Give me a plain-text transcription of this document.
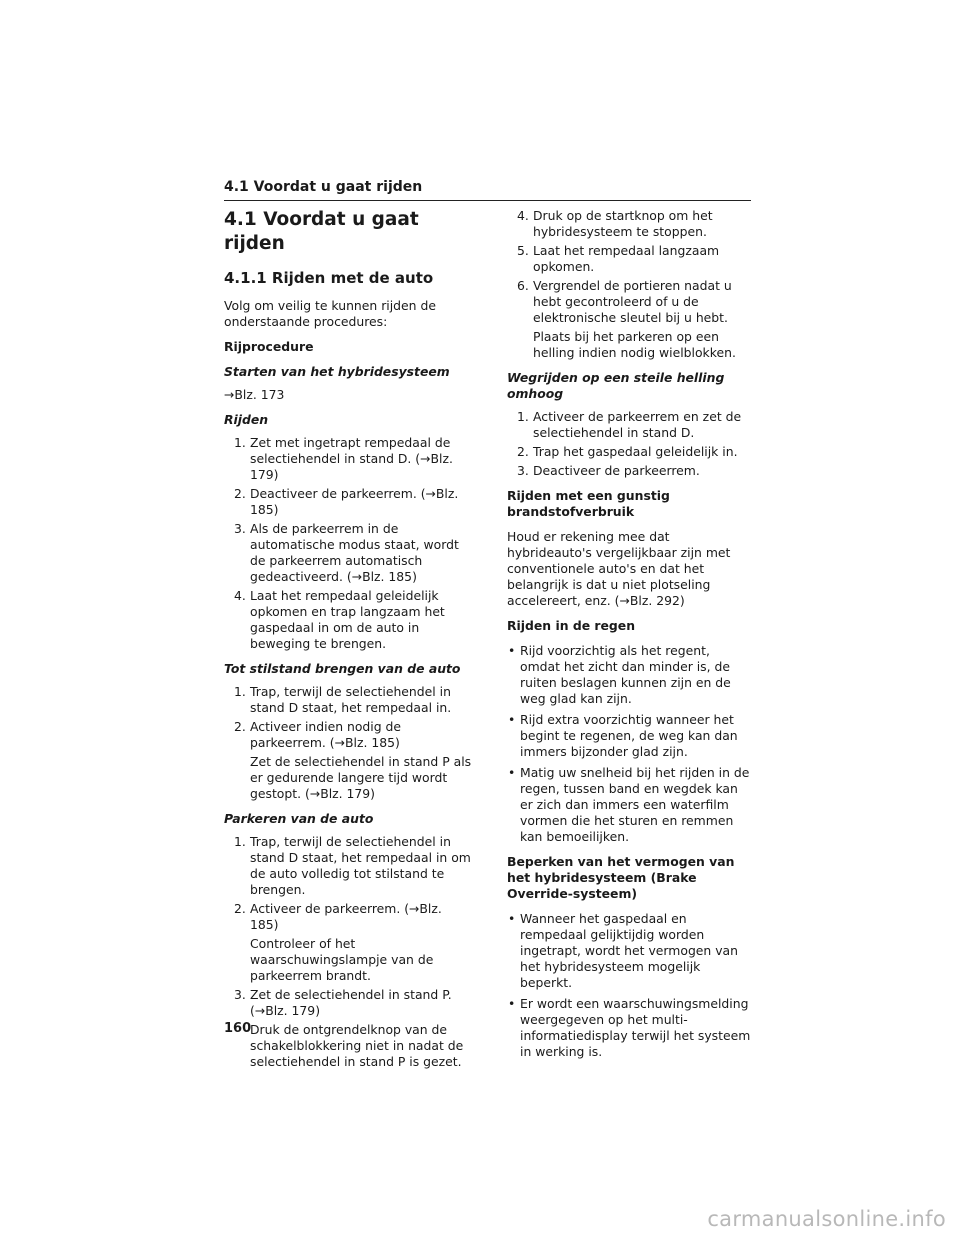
4.1 Voordat u gaat rijden
4.1 Voordat u gaat rijden
4.1.1 Rijden met de auto

Volg om veilig te kunnen rijden de onderstaande procedures:

Rijprocedure
Starten van het hybridesysteem

→Blz. 173

Rijden
1. Zet met ingetrapt rempedaal de selectiehendel in stand D. (→Blz. 179)
2. Deactiveer de parkeerrem. (→Blz. 185)
3. Als de parkeerrem in de automatische modus staat, wordt de parkeerrem automatisch gedeactiveerd. (→Blz. 185)
4. Laat het rempedaal geleidelijk opkomen en trap langzaam het gaspedaal in om de auto in beweging te brengen.
Tot stilstand brengen van de auto
1. Trap, terwijl de selectiehendel in stand D staat, het rempedaal in.
2. Activeer indien nodig de parkeerrem. (→Blz. 185)
Zet de selectiehendel in stand P als er gedurende langere tijd wordt gestopt. (→Blz. 179)
Parkeren van de auto
1. Trap, terwijl de selectiehendel in stand D staat, het rempedaal in om de auto volledig tot stilstand te brengen.
2. Activeer de parkeerrem. (→Blz. 185)
Controleer of het waarschuwingslampje van de parkeerrem brandt.
3. Zet de selectiehendel in stand P. (→Blz. 179)
Druk de ontgrendelknop van de schakelblokkering niet in nadat de selectiehendel in stand P is gezet.
4. Druk op de startknop om het hybridesysteem te stoppen.
5. Laat het rempedaal langzaam opkomen.
6. Vergrendel de portieren nadat u hebt gecontroleerd of u de elektronische sleutel bij u hebt.
Plaats bij het parkeren op een helling indien nodig wielblokken.
Wegrijden op een steile helling omhoog
1. Activeer de parkeerrem en zet de selectiehendel in stand D.
2. Trap het gaspedaal geleidelijk in.
3. Deactiveer de parkeerrem.
Rijden met een gunstig brandstofverbruik

Houd er rekening mee dat hybrideauto's vergelijkbaar zijn met conventionele auto's en dat het belangrijk is dat u niet plotseling accelereert, enz. (→Blz. 292)

Rijden in de regen
• Rijd voorzichtig als het regent, omdat het zicht dan minder is, de ruiten beslagen kunnen zijn en de weg glad kan zijn.
• Rijd extra voorzichtig wanneer het begint te regenen, de weg kan dan immers bijzonder glad zijn.
• Matig uw snelheid bij het rijden in de regen, tussen band en wegdek kan er zich dan immers een waterfilm vormen die het sturen en remmen kan bemoeilijken.
Beperken van het vermogen van het hybridesysteem (Brake Override-systeem)
• Wanneer het gaspedaal en rempedaal gelijktijdig worden ingetrapt, wordt het vermogen van het hybridesysteem mogelijk beperkt.
• Er wordt een waarschuwingsmelding weergegeven op het multi-informatiedisplay terwijl het systeem in werking is.
160
carmanualsonline.info
